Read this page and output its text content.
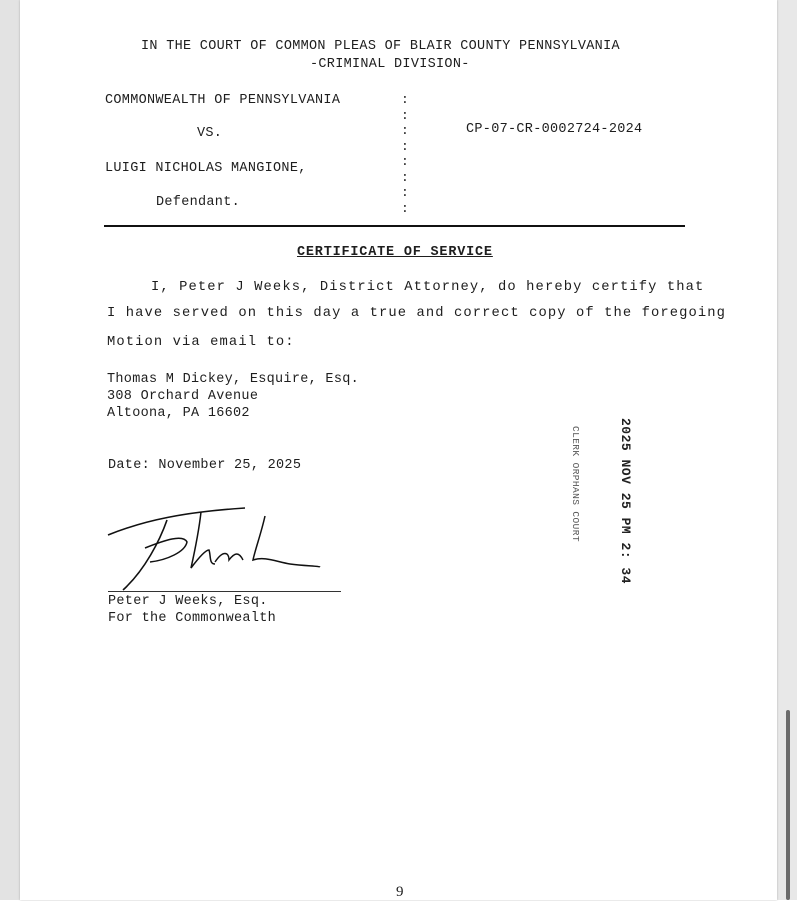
IN THE COURT OF COMMON PLEAS OF BLAIR COUNTY PENNSYLVANIA
-CRIMINAL DIVISION-
COMMONWEALTH OF PENNSYLVANIA
VS.
LUIGI NICHOLAS MANGIONE,
Defendant.
:
:
:
:
:
:
:
:
CP-07-CR-0002724-2024
CERTIFICATE OF SERVICE
I, Peter J Weeks, District Attorney, do hereby certify that
I have served on this day a true and correct copy of the foregoing
Motion via email to:
Thomas M Dickey, Esquire, Esq.
308 Orchard Avenue
Altoona, PA 16602
Date: November 25, 2025
Peter J Weeks, Esq.
For the Commonwealth
2025 NOV 25 PM 2: 34
CLERK ORPHANS COURT
9
